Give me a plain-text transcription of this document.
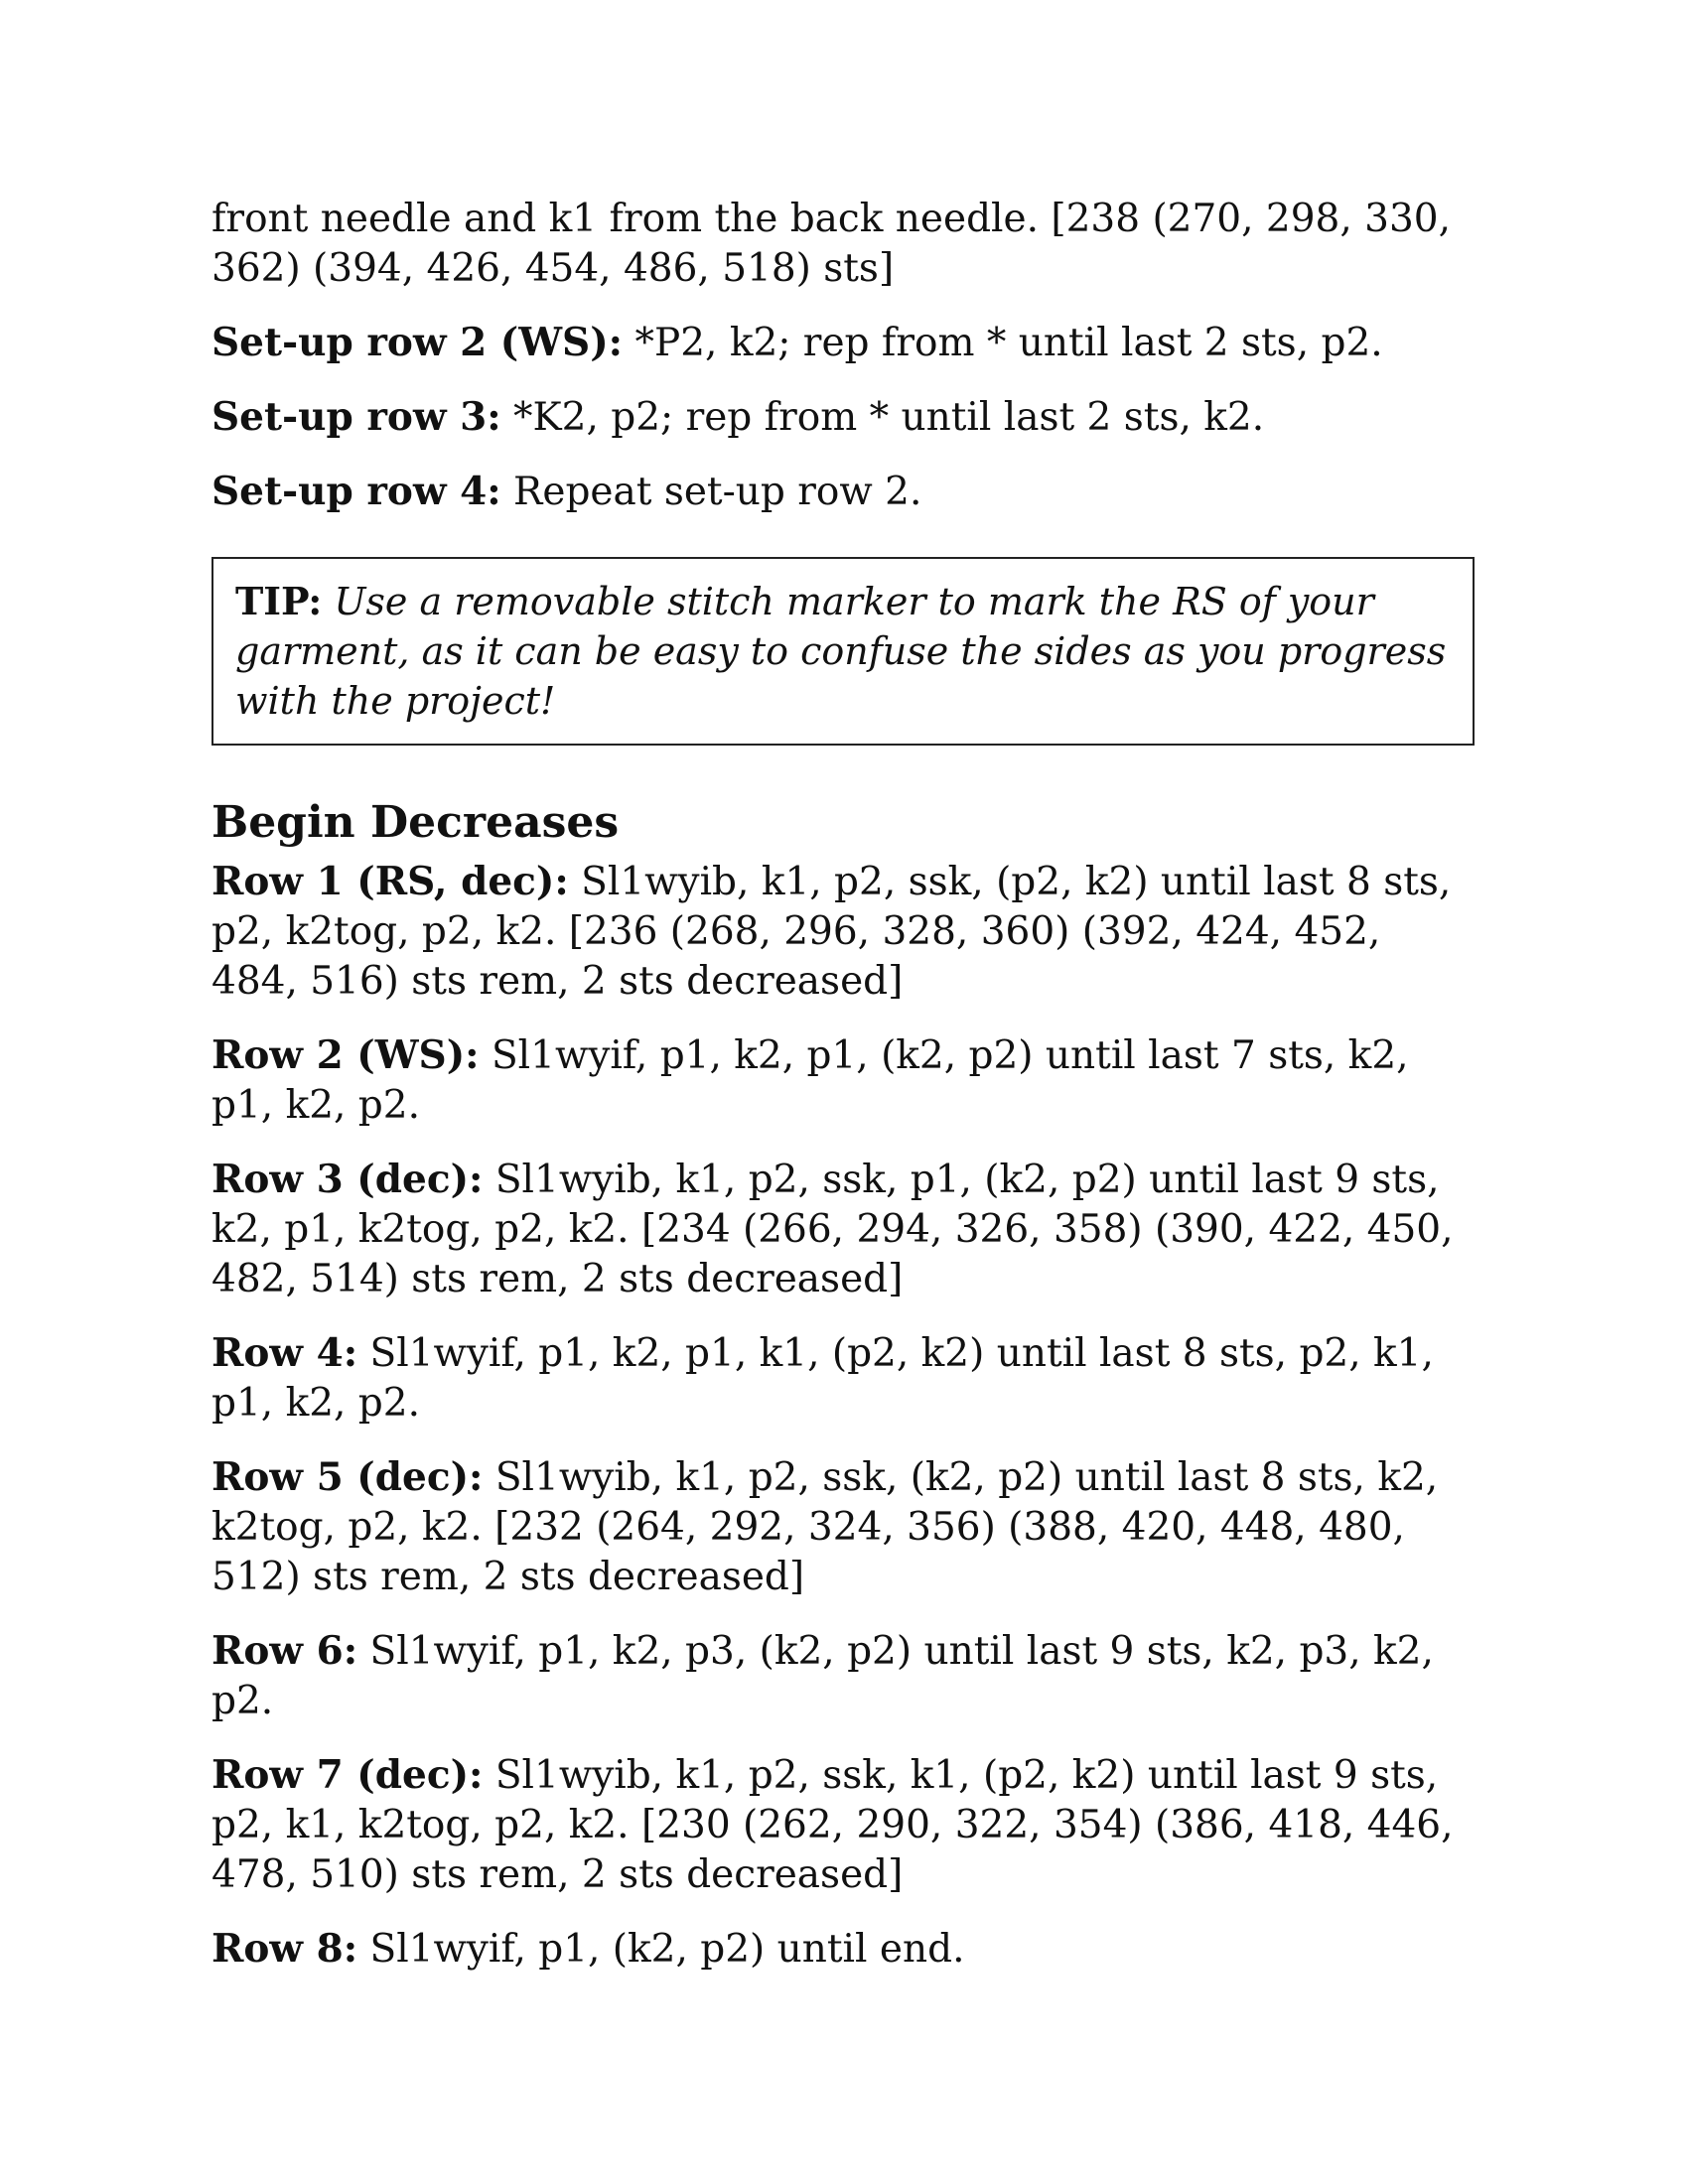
front needle and k1 from the back needle. [238 (270, 298, 330, 362) (394, 426, 454, 486, 518) sts]

Set-up row 2 (WS): *P2, k2; rep from * until last 2 sts, p2.

Set-up row 3: *K2, p2; rep from * until last 2 sts, k2.

Set-up row 4: Repeat set-up row 2.

TIP: Use a removable stitch marker to mark the RS of your garment, as it can be easy to confuse the sides as you progress with the project!
Begin Decreases

Row 1 (RS, dec): Sl1wyib, k1, p2, ssk, (p2, k2) until last 8 sts, p2, k2tog, p2, k2. [236 (268, 296, 328, 360) (392, 424, 452, 484, 516) sts rem, 2 sts decreased]

Row 2 (WS): Sl1wyif, p1, k2, p1, (k2, p2) until last 7 sts, k2, p1, k2, p2.

Row 3 (dec): Sl1wyib, k1, p2, ssk, p1, (k2, p2) until last 9 sts, k2, p1, k2tog, p2, k2. [234 (266, 294, 326, 358) (390, 422, 450, 482, 514) sts rem, 2 sts decreased]

Row 4: Sl1wyif, p1, k2, p1, k1, (p2, k2) until last 8 sts, p2, k1, p1, k2, p2.

Row 5 (dec): Sl1wyib, k1, p2, ssk, (k2, p2) until last 8 sts, k2, k2tog, p2, k2. [232 (264, 292, 324, 356) (388, 420, 448, 480, 512) sts rem, 2 sts decreased]

Row 6: Sl1wyif, p1, k2, p3, (k2, p2) until last 9 sts, k2, p3, k2, p2.

Row 7 (dec): Sl1wyib, k1, p2, ssk, k1, (p2, k2) until last 9 sts, p2, k1, k2tog, p2, k2. [230 (262, 290, 322, 354) (386, 418, 446, 478, 510) sts rem, 2 sts decreased]

Row 8: Sl1wyif, p1, (k2, p2) until end.
